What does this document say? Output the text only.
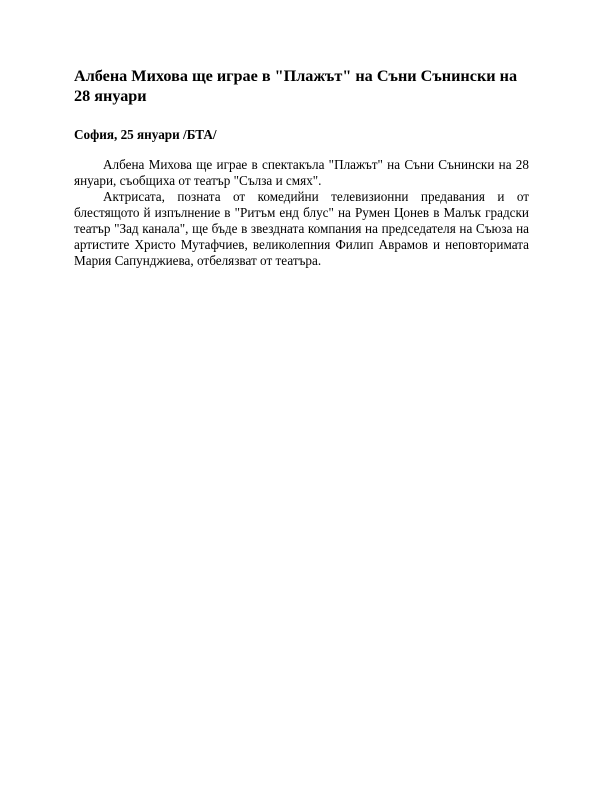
Албена Михова ще играе в "Плажът" на Съни Сънински на 28 януари

София, 25 януари /БТА/

Албена Михова ще играе в спектакъла "Плажът" на Съни Сънински на 28 януари, съобщиха от театър "Сълза и смях".

Актрисата, позната от комедийни телевизионни предавания и от блестящото й изпълнение в "Ритъм енд блус" на Румен Цонев в Малък градски театър "Зад канала", ще бъде в звездната компания на председателя на Съюза на артистите Христо Мутафчиев, великолепния Филип Аврамов и неповторимата Мария Сапунджиева, отбелязват от театъра.
